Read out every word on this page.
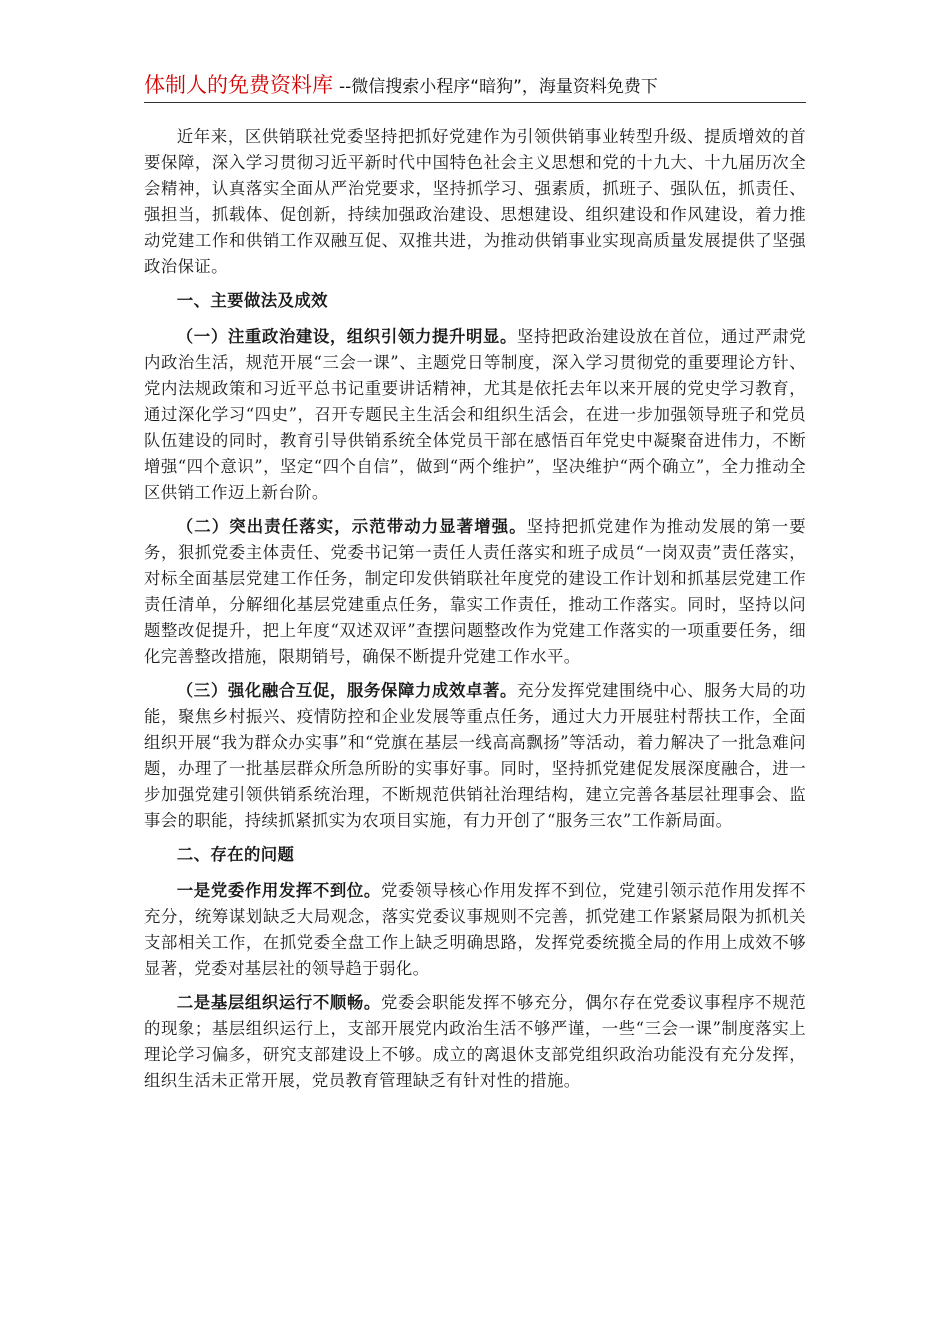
体制人的免费资料库 --微信搜索小程序“暗狗”，海量资料免费下

近年来，区供销联社党委坚持把抓好党建作为引领供销事业转型升级、提质增效的首要保障，深入学习贯彻习近平新时代中国特色社会主义思想和党的十九大、十九届历次全会精神，认真落实全面从严治党要求，坚持抓学习、强素质，抓班子、强队伍，抓责任、强担当，抓载体、促创新，持续加强政治建设、思想建设、组织建设和作风建设，着力推动党建工作和供销工作双融互促、双推共进，为推动供销事业实现高质量发展提供了坚强政治保证。

一、主要做法及成效

（一）注重政治建设，组织引领力提升明显。坚持把政治建设放在首位，通过严肃党内政治生活，规范开展“三会一课”、主题党日等制度，深入学习贯彻党的重要理论方针、党内法规政策和习近平总书记重要讲话精神，尤其是依托去年以来开展的党史学习教育，通过深化学习“四史”，召开专题民主生活会和组织生活会，在进一步加强领导班子和党员队伍建设的同时，教育引导供销系统全体党员干部在感悟百年党史中凝聚奋进伟力，不断增强“四个意识”，坚定“四个自信”，做到“两个维护”，坚决维护“两个确立”，全力推动全区供销工作迈上新台阶。

（二）突出责任落实，示范带动力显著增强。坚持把抓党建作为推动发展的第一要务，狠抓党委主体责任、党委书记第一责任人责任落实和班子成员“一岗双责”责任落实，对标全面基层党建工作任务，制定印发供销联社年度党的建设工作计划和抓基层党建工作责任清单，分解细化基层党建重点任务，靠实工作责任，推动工作落实。同时，坚持以问题整改促提升，把上年度“双述双评”查摆问题整改作为党建工作落实的一项重要任务，细化完善整改措施，限期销号，确保不断提升党建工作水平。

（三）强化融合互促，服务保障力成效卓著。充分发挥党建围绕中心、服务大局的功能，聚焦乡村振兴、疫情防控和企业发展等重点任务，通过大力开展驻村帮扶工作，全面组织开展“我为群众办实事”和“党旗在基层一线高高飘扬”等活动，着力解决了一批急难问题，办理了一批基层群众所急所盼的实事好事。同时，坚持抓党建促发展深度融合，进一步加强党建引领供销系统治理，不断规范供销社治理结构，建立完善各基层社理事会、监事会的职能，持续抓紧抓实为农项目实施，有力开创了“服务三农”工作新局面。

二、存在的问题

一是党委作用发挥不到位。党委领导核心作用发挥不到位，党建引领示范作用发挥不充分，统筹谋划缺乏大局观念，落实党委议事规则不完善，抓党建工作紧紧局限为抓机关支部相关工作，在抓党委全盘工作上缺乏明确思路，发挥党委统揽全局的作用上成效不够显著，党委对基层社的领导趋于弱化。

二是基层组织运行不顺畅。党委会职能发挥不够充分，偶尔存在党委议事程序不规范的现象；基层组织运行上，支部开展党内政治生活不够严谨，一些“三会一课”制度落实上理论学习偏多，研究支部建设上不够。成立的离退休支部党组织政治功能没有充分发挥，组织生活未正常开展，党员教育管理缺乏有针对性的措施。
